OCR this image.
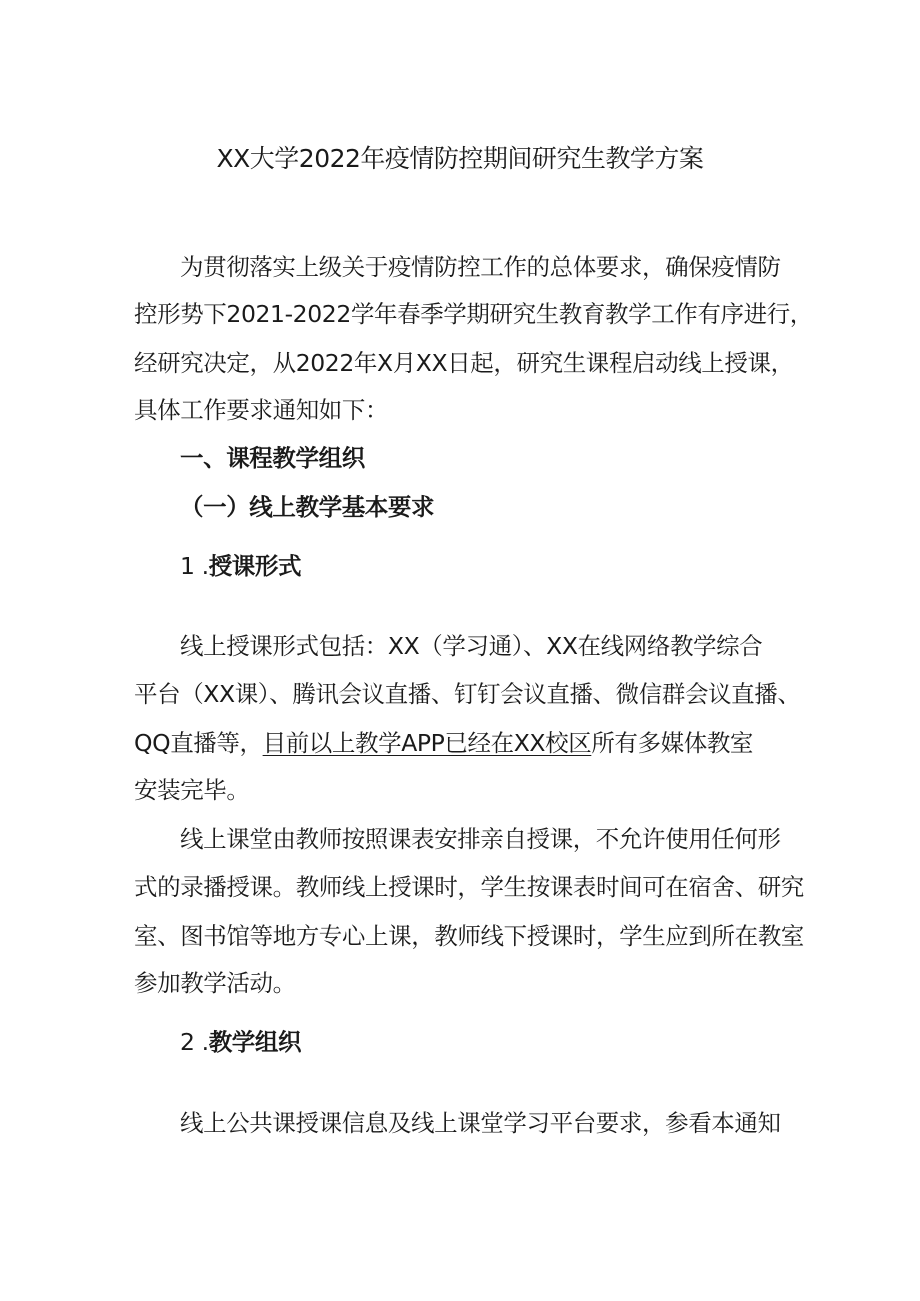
XX大学2022年疫情防控期间研究生教学方案
为贯彻落实上级关于疫情防控工作的总体要求，确保疫情防
控形势下2021-2022学年春季学期研究生教育教学工作有序进行，
经研究决定，从2022年X月XX日起，研究生课程启动线上授课，
具体工作要求通知如下：
一、课程教学组织
（一）线上教学基本要求
1 .授课形式
线上授课形式包括：XX（学习通）、XX在线网络教学综合
平台（XX课）、腾讯会议直播、钉钉会议直播、微信群会议直播、
QQ直播等，目前以上教学APP已经在XX校区所有多媒体教室
安装完毕。
线上课堂由教师按照课表安排亲自授课，不允许使用任何形
式的录播授课。教师线上授课时，学生按课表时间可在宿舍、研究
室、图书馆等地方专心上课，教师线下授课时，学生应到所在教室
参加教学活动。
2 .教学组织
线上公共课授课信息及线上课堂学习平台要求，参看本通知
